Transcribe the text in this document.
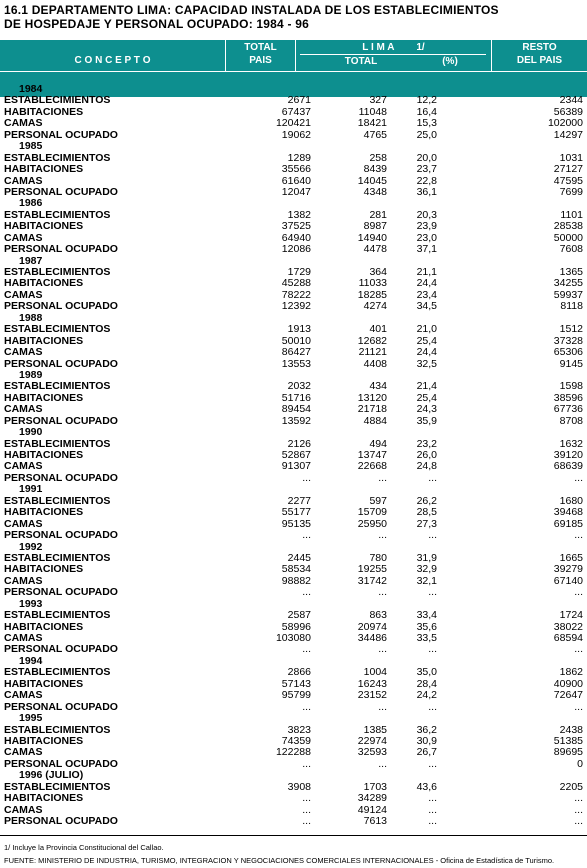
16.1 DEPARTAMENTO LIMA: CAPACIDAD INSTALADA DE LOS ESTABLECIMIENTOS
DE HOSPEDAJE Y PERSONAL OCUPADO: 1984 - 96
C O N C E P T O
TOTAL
PAIS
L I M A        1/
TOTAL	(%)
RESTO
DEL PAIS
1984
ESTABLECIMIENTOS	2671	327	12,2	2344
HABITACIONES	67437	11048	16,4	56389
CAMAS	120421	18421	15,3	102000
PERSONAL OCUPADO	19062	4765	25,0	14297
1985
ESTABLECIMIENTOS	1289	258	20,0	1031
HABITACIONES	35566	8439	23,7	27127
CAMAS	61640	14045	22,8	47595
PERSONAL OCUPADO	12047	4348	36,1	7699
1986
ESTABLECIMIENTOS	1382	281	20,3	1101
HABITACIONES	37525	8987	23,9	28538
CAMAS	64940	14940	23,0	50000
PERSONAL OCUPADO	12086	4478	37,1	7608
1987
ESTABLECIMIENTOS	1729	364	21,1	1365
HABITACIONES	45288	11033	24,4	34255
CAMAS	78222	18285	23,4	59937
PERSONAL OCUPADO	12392	4274	34,5	8118
1988
ESTABLECIMIENTOS	1913	401	21,0	1512
HABITACIONES	50010	12682	25,4	37328
CAMAS	86427	21121	24,4	65306
PERSONAL OCUPADO	13553	4408	32,5	9145
1989
ESTABLECIMIENTOS	2032	434	21,4	1598
HABITACIONES	51716	13120	25,4	38596
CAMAS	89454	21718	24,3	67736
PERSONAL OCUPADO	13592	4884	35,9	8708
1990
ESTABLECIMIENTOS	2126	494	23,2	1632
HABITACIONES	52867	13747	26,0	39120
CAMAS	91307	22668	24,8	68639
PERSONAL OCUPADO	...	...	...	...
1991
ESTABLECIMIENTOS	2277	597	26,2	1680
HABITACIONES	55177	15709	28,5	39468
CAMAS	95135	25950	27,3	69185
PERSONAL OCUPADO	...	...	...	...
1992
ESTABLECIMIENTOS	2445	780	31,9	1665
HABITACIONES	58534	19255	32,9	39279
CAMAS	98882	31742	32,1	67140
PERSONAL OCUPADO	...	...	...	...
1993
ESTABLECIMIENTOS	2587	863	33,4	1724
HABITACIONES	58996	20974	35,6	38022
CAMAS	103080	34486	33,5	68594
PERSONAL OCUPADO	...	...	...	...
1994
ESTABLECIMIENTOS	2866	1004	35,0	1862
HABITACIONES	57143	16243	28,4	40900
CAMAS	95799	23152	24,2	72647
PERSONAL OCUPADO	...	...	...	...
1995
ESTABLECIMIENTOS	3823	1385	36,2	2438
HABITACIONES	74359	22974	30,9	51385
CAMAS	122288	32593	26,7	89695
PERSONAL OCUPADO	...	...	...	0
1996 (JULIO)
ESTABLECIMIENTOS	3908	1703	43,6	2205
HABITACIONES	...	34289	...	...
CAMAS	...	49124	...	...
PERSONAL OCUPADO	...	7613	...	...
1/ Incluye la Provincia Constitucional del Callao.
FUENTE: MINISTERIO DE INDUSTRIA, TURISMO, INTEGRACION Y NEGOCIACIONES COMERCIALES INTERNACIONALES - Oficina de Estadística de Turismo.
